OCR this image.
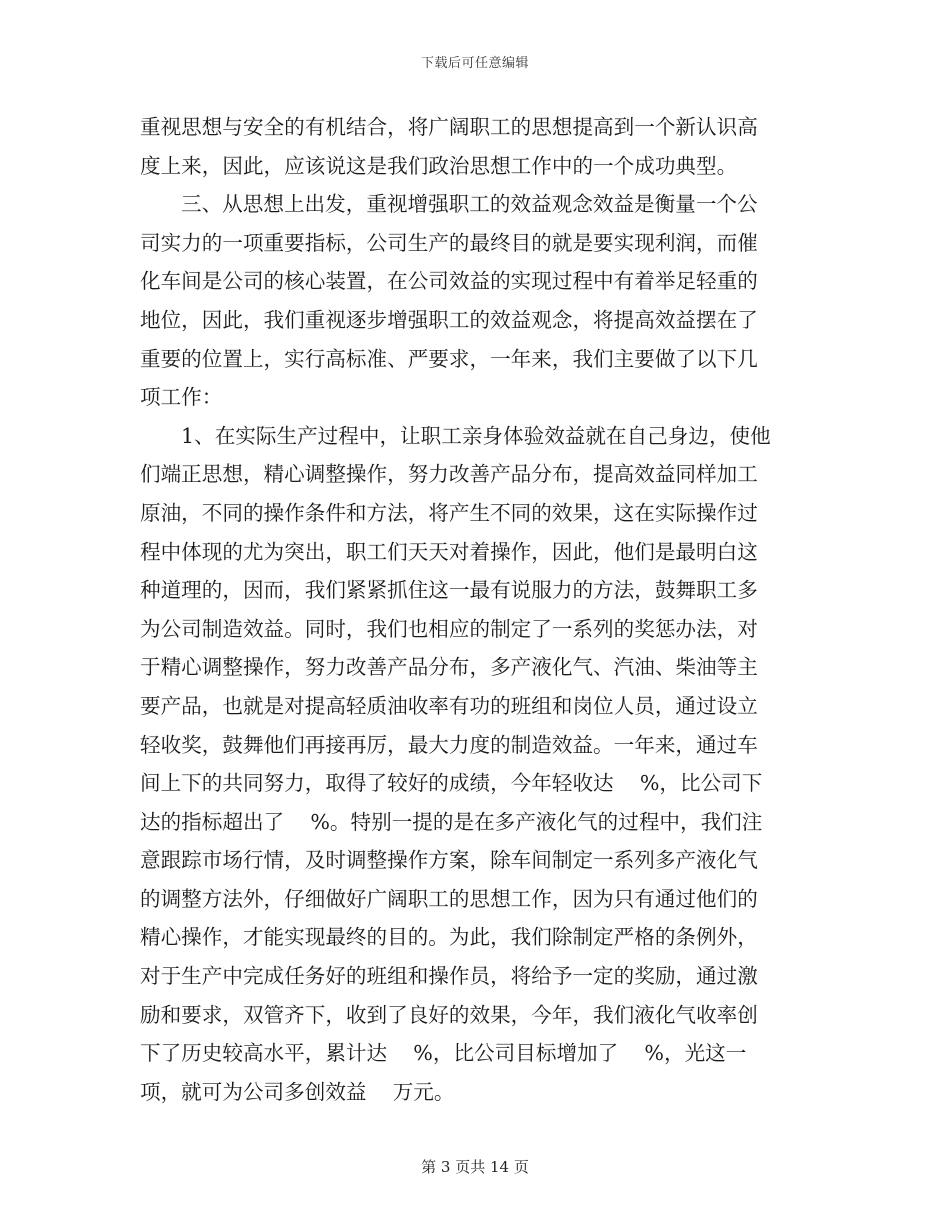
下载后可任意编辑
重视思想与安全的有机结合，将广阔职工的思想提高到一个新认识高
度上来，因此，应该说这是我们政治思想工作中的一个成功典型。
三、从思想上出发，重视增强职工的效益观念效益是衡量一个公
司实力的一项重要指标，公司生产的最终目的就是要实现利润，而催
化车间是公司的核心装置，在公司效益的实现过程中有着举足轻重的
地位，因此，我们重视逐步增强职工的效益观念，将提高效益摆在了
重要的位置上，实行高标准、严要求，一年来，我们主要做了以下几
项工作：
1、在实际生产过程中，让职工亲身体验效益就在自己身边，使他
们端正思想，精心调整操作，努力改善产品分布，提高效益同样加工
原油，不同的操作条件和方法，将产生不同的效果，这在实际操作过
程中体现的尤为突出，职工们天天对着操作，因此，他们是最明白这
种道理的，因而，我们紧紧抓住这一最有说服力的方法，鼓舞职工多
为公司制造效益。同时，我们也相应的制定了一系列的奖惩办法，对
于精心调整操作，努力改善产品分布，多产液化气、汽油、柴油等主
要产品，也就是对提高轻质油收率有功的班组和岗位人员，通过设立
轻收奖，鼓舞他们再接再厉，最大力度的制造效益。一年来，通过车
间上下的共同努力，取得了较好的成绩，今年轻收达    %，比公司下
达的指标超出了    %。特别一提的是在多产液化气的过程中，我们注
意跟踪市场行情，及时调整操作方案，除车间制定一系列多产液化气
的调整方法外，仔细做好广阔职工的思想工作，因为只有通过他们的
精心操作，才能实现最终的目的。为此，我们除制定严格的条例外，
对于生产中完成任务好的班组和操作员，将给予一定的奖励，通过激
励和要求，双管齐下，收到了良好的效果，今年，我们液化气收率创
下了历史较高水平，累计达    %，比公司目标增加了    %，光这一
项，就可为公司多创效益    万元。
第 3 页共 14 页
